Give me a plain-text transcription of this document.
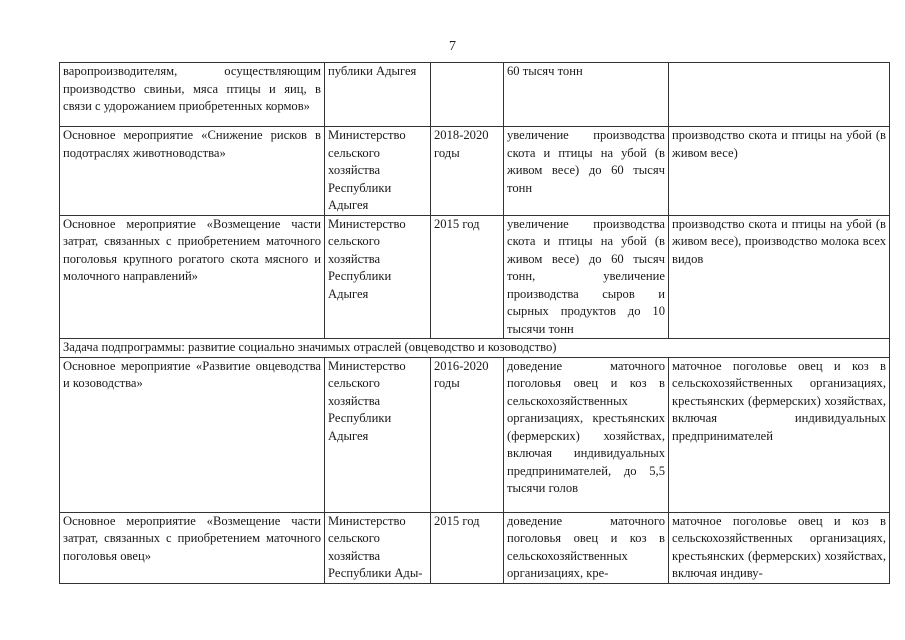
7
варопроизводителям, осуществляющим производство свиньи, мяса птицы и яиц, в связи с удорожанием приобретенных кормов»	публики Адыгея		60 тысяч тонн	
Основное мероприятие «Снижение рисков в подотраслях животноводства»	Министерство сельского хозяйства Республики Адыгея	2018-2020 годы	увеличение производства скота и птицы на убой (в живом весе) до 60 тысяч тонн	производство скота и птицы на убой (в живом весе)
Основное мероприятие «Возмещение части затрат, связанных с приобретением маточного поголовья крупного рогатого скота мясного и молочного направлений»	Министерство сельского хозяйства Республики Адыгея	2015 год	увеличение производства скота и птицы на убой (в живом весе) до 60 тысяч тонн, увеличение производства сыров и сырных продуктов до 10 тысячи тонн	производство скота и птицы на убой (в живом весе), производство молока всех видов
Задача подпрограммы: развитие социально значимых отраслей (овцеводство и козоводство)				
Основное мероприятие «Развитие овцеводства и козоводства»	Министерство сельского хозяйства Республики Адыгея	2016-2020 годы	доведение маточного поголовья овец и коз в сельскохозяйственных организациях, крестьянских (фермерских) хозяйствах, включая индивидуальных предпринимателей, до 5,5 тысячи голов	маточное поголовье овец и коз в сельскохозяйственных организациях, крестьянских (фермерских) хозяйствах, включая индивидуальных предпринимателей
Основное мероприятие «Возмещение части затрат, связанных с приобретением маточного поголовья овец»	Министерство сельского хозяйства Республики Ады-	2015 год	доведение маточного поголовья овец и коз в сельскохозяйственных организациях, кре-	маточное поголовье овец и коз в сельскохозяйственных организациях, крестьянских (фермерских) хозяйствах, включая индиву-
